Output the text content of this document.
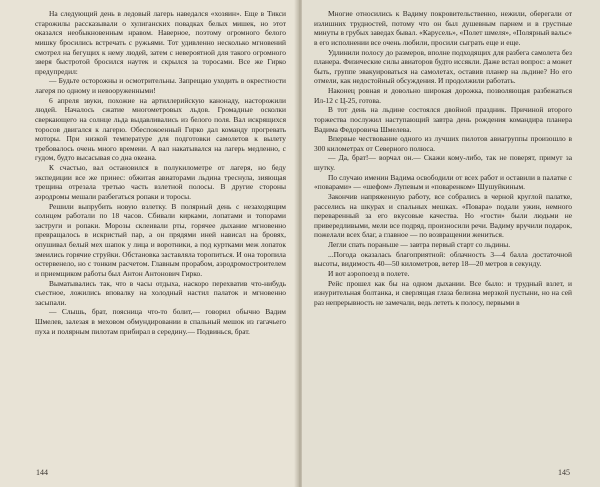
На следующий день в ледовый лагерь наведался «хозяин». Еще в Тикси старожилы рассказывали о хулиганских повадках белых мишек, но этот оказался необыкновенным нравом. Наверное, поэтому огромного белого мишку бросились встречать с ружьями. Тот удивленно несколько мгновений смотрел на бегущих к нему людей, затем с невероятной для такого огромного зверя быстротой бросился наутек и скрылся за торосами. Все же Гирко предупредил:

— Будьте осторожны и осмотрительны. Запрещаю уходить в окрестности лагеря по одному и невооруженными!

6 апреля звуки, похожие на артиллерийскую канонаду, насторожили людей. Началось сжатие многометровых льдов. Громадные осколки сверкающего на солнце льда выдавливались из белого поля. Вал искрящихся торосов двигался к лагерю. Обеспокоенный Гирко дал команду прогревать моторы. При низкой температуре для подготовки самолетов к вылету требовалось очень много времени. А вал накатывался на лагерь медленно, с гудом, будто высасывая со дна океана.

К счастью, вал остановился в полукилометре от лагеря, но беду экспедиции все же принес: обжитая авиаторами льдина треснула, зияющая трещина отрезала третью часть взлетной полосы. В другие стороны аэродромы мешали разбегаться ропаки и торосы.

Решили выпрубить новую взлетку. В полярный день с незаходящим солнцем работали по 18 часов. Сбивали кирками, лопатами и топорами заструги и ропаки. Морозы склеивали рты, горячее дыхание мгновенно превращалось в искристый пар, а он прядями иней нависал на бровях, опушивал белый мех шапок у лица и воротники, а под куртками меж лопаток змеились горячие струйки. Обстановка заставляла торопиться. И она торопила остервенело, но с тонким расчетом. Главным прорабом, аэродромостроителем и приемщиком работы был Антон Антонович Гирко.

Выматывались так, что в часы отдыха, наскоро перехватив что-нибудь съестное, ложились вповалку на холодный настил палаток и мгновенно засыпали.

— Слышь, брат, поясница что-то болит,— говорил обычно Вадим Шмелев, залезая в меховом обмундировании в спальный мешок из гагачьего пуха и полярным пилотам прибирал в середину.— Подвинься, брат.

144

Многие относились к Вадиму покровительственно, нежили, оберегали от излишних трудностей, потому что он был душевным парнем и в грустные минуты в грубых заведах бывал. «Карусель», «Полет шмеля», «Полярный вальс» в его исполнении все очень любили, просили сыграть еще и еще.

Удлинили полосу до размеров, вполне подходящих для разбега самолета без планера. Физические силы авиаторов будто иссякли. Даже встал вопрос: а может быть, группе эвакуироваться на самолетах, оставив планер на льдине? Но его отмели, как недостойный обсуждения. И продолжили работать.

Наконец ровная и довольно широкая дорожка, позволяющая разбежаться Ил-12 с Ц-25, готова.

В тот день на льдине состоялся двойной праздник. Причиной второго торжества послужил наступающий завтра день рождения командира планера Вадима Федоровича Шмелева.

Впервые чествование одного из лучших пилотов авиагруппы произошло в 300 километрах от Северного полюса.

— Да, брат!— ворчал он.— Скажи кому-либо, так не поверят, примут за шутку.

По случаю именин Вадима освободили от всех работ и оставили в палатке с «поварами» — «шефом» Лупевым и «поваренком» Шушуйкиным.

Закончив напряженную работу, все собрались в черной круглой палатке, расселись на шкурах и спальных мешках. «Повара» подали ужин, немного переваренный за его вкусовые качества. Но «гости» были людьми не привередливыми, мели все подряд, произносили речи. Вадиму вручили подарок, пожелали всех благ, а главное — по возвращении жениться.

Легли спать пораньше — завтра первый старт со льдины.

...Погода оказалась благоприятной: облачность 3—4 балла достаточной высоты, видимость 40—50 километров, ветер 18—20 метров в секунду.

И вот аэропоезд в полете.

Рейс прошел как бы на одном дыхании. Все было: и трудный взлет, и изнурительная болтанка, и сверлящая глаза белизна мерзкой пустыни, но на сей раз непрерывность не замечали, ведь лететь к полосу, первыми в

145
